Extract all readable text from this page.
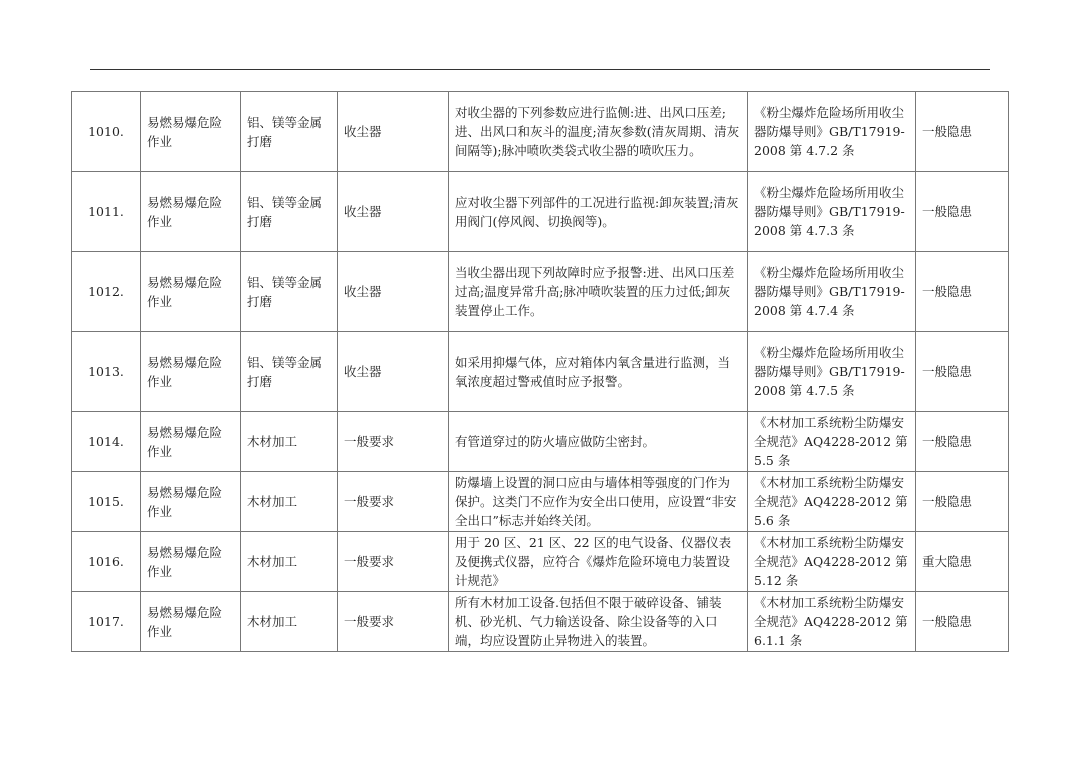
1010.	易燃易爆危险作业	铝、镁等金属打磨	收尘器	对收尘器的下列参数应进行监侧:进、出风口压差;进、出风口和灰斗的温度;清灰参数(清灰周期、清灰间隔等);脉冲喷吹类袋式收尘器的喷吹压力。	《粉尘爆炸危险场所用收尘器防爆导则》GB/T17919-2008 第 4.7.2 条	一般隐患
1011.	易燃易爆危险作业	铝、镁等金属打磨	收尘器	应对收尘器下列部件的工况进行监视:卸灰装置;清灰用阀门(停风阀、切换阀等)。	《粉尘爆炸危险场所用收尘器防爆导则》GB/T17919-2008 第 4.7.3 条	一般隐患
1012.	易燃易爆危险作业	铝、镁等金属打磨	收尘器	当收尘器出现下列故障时应予报警:进、出风口压差过高;温度异常升高;脉冲喷吹装置的压力过低;卸灰装置停止工作。	《粉尘爆炸危险场所用收尘器防爆导则》GB/T17919-2008 第 4.7.4 条	一般隐患
1013.	易燃易爆危险作业	铝、镁等金属打磨	收尘器	如采用抑爆气体，应对箱体内氧含量进行监测，当氧浓度超过警戒值时应予报警。	《粉尘爆炸危险场所用收尘器防爆导则》GB/T17919-2008 第 4.7.5 条	一般隐患
1014.	易燃易爆危险作业	木材加工	一般要求	有管道穿过的防火墙应做防尘密封。	《木材加工系统粉尘防爆安全规范》AQ4228-2012 第 5.5 条	一般隐患
1015.	易燃易爆危险作业	木材加工	一般要求	防爆墙上设置的洞口应由与墙体相等强度的门作为保护。这类门不应作为安全出口使用，应设置“非安全出口”标志并始终关闭。	《木材加工系统粉尘防爆安全规范》AQ4228-2012 第 5.6 条	一般隐患
1016.	易燃易爆危险作业	木材加工	一般要求	用于 20 区、21 区、22 区的电气设备、仪器仪表及便携式仪器，应符合《爆炸危险环境电力装置设计规范》	《木材加工系统粉尘防爆安全规范》AQ4228-2012 第 5.12 条	重大隐患
1017.	易燃易爆危险作业	木材加工	一般要求	所有木材加工设备.包括但不限于破碎设备、铺装机、砂光机、气力输送设备、除尘设备等的入口端，均应设置防止异物进入的装置。	《木材加工系统粉尘防爆安全规范》AQ4228-2012 第 6.1.1 条	一般隐患
